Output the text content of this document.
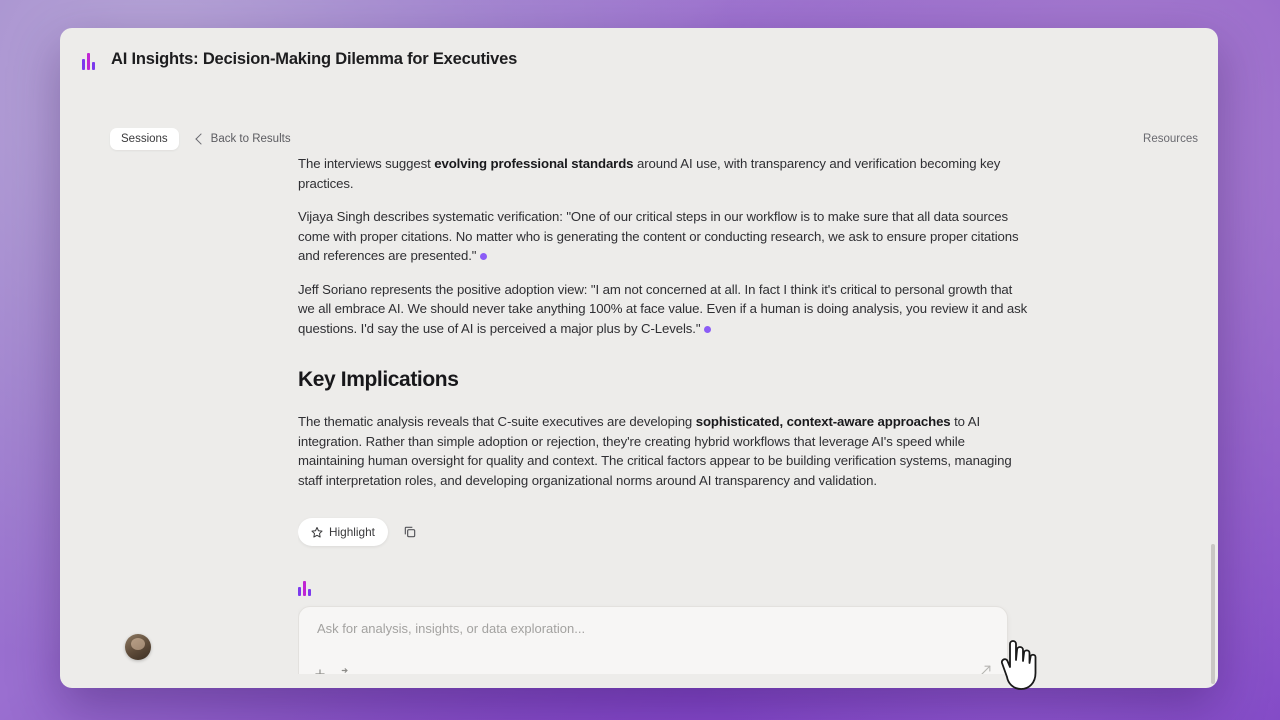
AI Insights: Decision-Making Dilemma for Executives
Sessions	Back to Results	Resources

The interviews suggest evolving professional standards around AI use, with transparency and verification becoming key practices.

Vijaya Singh describes systematic verification: "One of our critical steps in our workflow is to make sure that all data sources come with proper citations. No matter who is generating the content or conducting research, we ask to ensure proper citations and references are presented."

Jeff Soriano represents the positive adoption view: "I am not concerned at all. In fact I think it's critical to personal growth that we all embrace AI. We should never take anything 100% at face value. Even if a human is doing analysis, you review it and ask questions. I'd say the use of AI is perceived a major plus by C-Levels."

Key Implications

The thematic analysis reveals that C-suite executives are developing sophisticated, context-aware approaches to AI integration. Rather than simple adoption or rejection, they're creating hybrid workflows that leverage AI's speed while maintaining human oversight for quality and context. The critical factors appear to be building verification systems, managing staff interpretation roles, and developing organizational norms around AI transparency and validation.

Highlight
Ask for analysis, insights, or data exploration...
